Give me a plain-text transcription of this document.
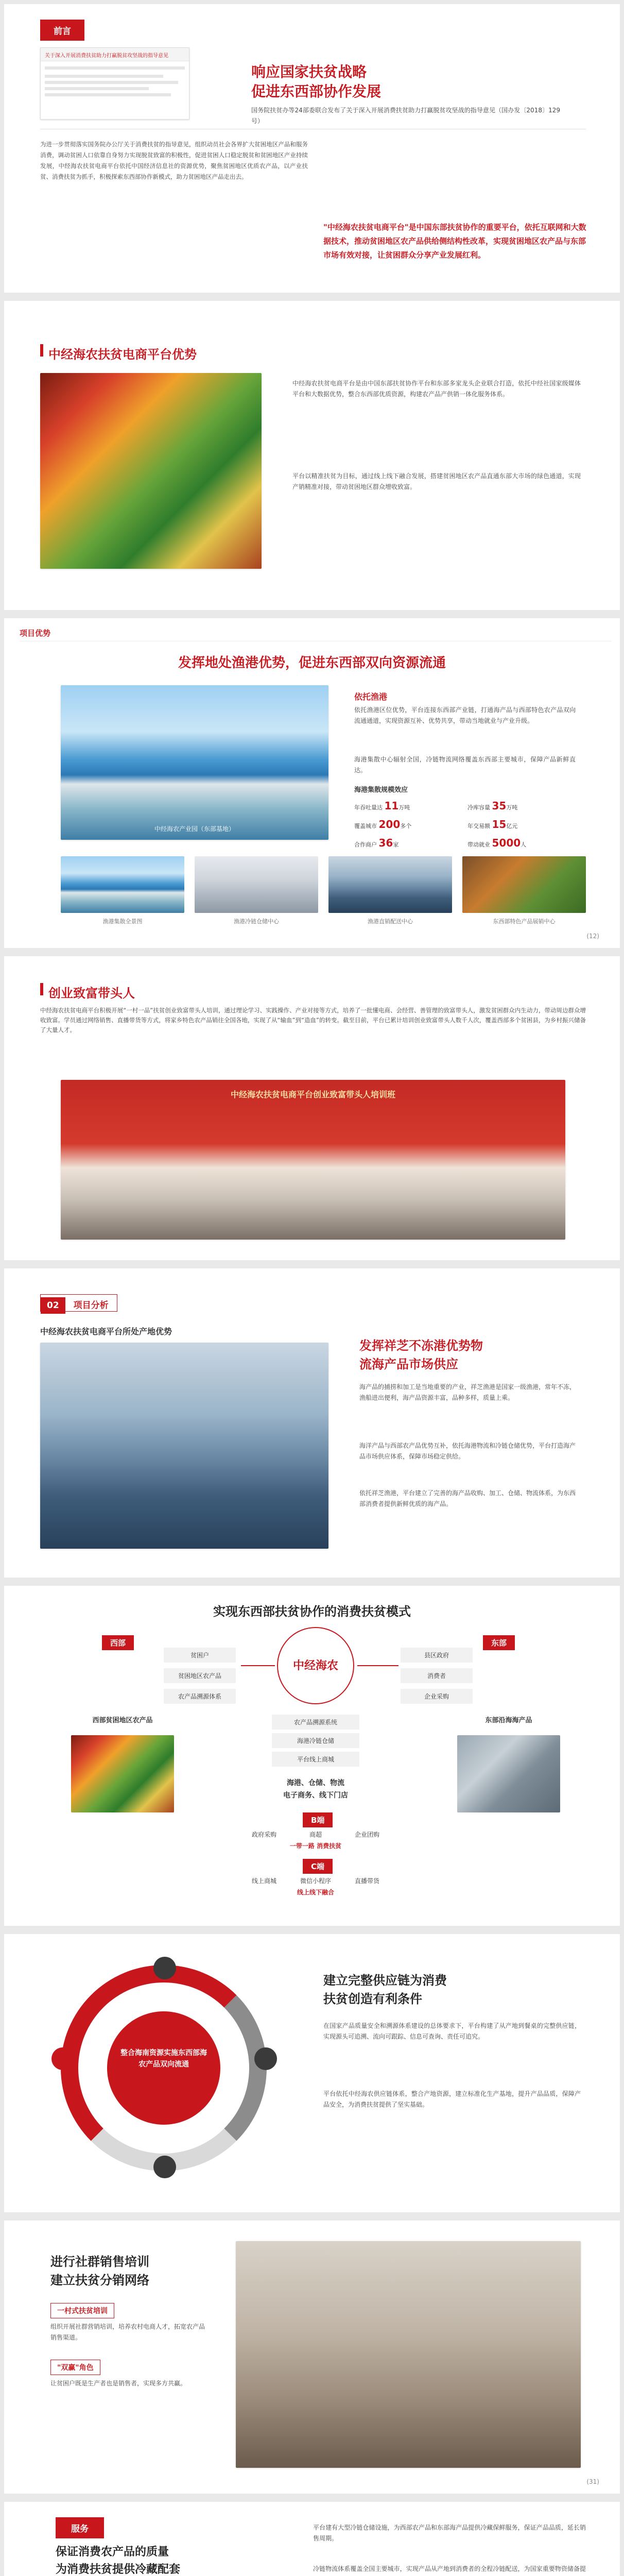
前言
关于深入开展消费扶贫助力打赢脱贫攻坚战的指导意见
响应国家扶贫战略
促进东西部协作发展
国务院扶贫办等24部委联合发布了关于深入开展消费扶贫助力打赢脱贫攻坚战的指导意见（国办发〔2018〕129号）
为进一步贯彻落实国务院办公厅关于消费扶贫的指导意见，组织动员社会各界扩大贫困地区产品和服务消费，调动贫困人口依靠自身努力实现脱贫致富的积极性，促进贫困人口稳定脱贫和贫困地区产业持续发展，中经海农扶贫电商平台依托中国经济信息社的资源优势，聚焦贫困地区优质农产品，以产业扶贫、消费扶贫为抓手，积极探索东西部协作新模式，助力贫困地区产品走出去。
"中经海农扶贫电商平台"是中国东部扶贫协作的重要平台，依托互联网和大数据技术，推动贫困地区农产品供给侧结构性改革，实现贫困地区农产品与东部市场有效对接，让贫困群众分享产业发展红利。
中经海农扶贫电商平台优势
中经海农扶贫电商平台是由中国东部扶贫协作平台和东部多家龙头企业联合打造，依托中经社国家级媒体平台和大数据优势，整合东西部优质资源，构建农产品产供销一体化服务体系。
平台以精准扶贫为目标，通过线上线下融合发展，搭建贫困地区农产品直通东部大市场的绿色通道，实现产销精准对接，带动贫困地区群众增收致富。
项目优势
发挥地处渔港优势，促进东西部双向资源流通
中经海农产业园（东部基地）
依托渔港
依托渔港区位优势，平台连接东西部产业链，打通海产品与西部特色农产品双向流通通道，实现资源互补、优势共享，带动当地就业与产业升级。
海港集散中心辐射全国，冷链物流网络覆盖东西部主要城市，保障产品新鲜直达。
海港集散规模效应
年吞吐量达 11万吨	冷库容量 35万吨
覆盖城市 200多个	年交易额 15亿元
合作商户 36家	带动就业 5000人
渔港集散全景图	渔港冷链仓储中心	渔港直销配送中心	东西部特色产品展销中心
(12)
创业致富带头人
中经海农扶贫电商平台积极开展“一村一品”扶贫创业致富带头人培训，通过理论学习、实践操作、产业对接等方式，培养了一批懂电商、会经营、善管理的致富带头人，激发贫困群众内生动力，带动周边群众增收致富。学员通过网络销售、直播带货等方式，将家乡特色农产品销往全国各地，实现了从“输血”到“造血”的转变。截至目前，平台已累计培训创业致富带头人数千人次，覆盖西部多个贫困县，为乡村振兴储备了大量人才。
中经海农扶贫电商平台创业致富带头人培训班
02 项目分析
中经海农扶贫电商平台所处产地优势
发挥祥芝不冻港优势物
流海产品市场供应
海产品的捕捞和加工是当地重要的产业，祥芝渔港是国家一级渔港，常年不冻，渔船进出便利，海产品资源丰富，品种多样，质量上乘。
海洋产品与西部农产品优势互补，依托海港物流和冷链仓储优势，平台打造海产品市场供应体系，保障市场稳定供给。
依托祥芝渔港，平台建立了完善的海产品收购、加工、仓储、物流体系，为东西部消费者提供新鲜优质的海产品。
实现东西部扶贫协作的消费扶贫模式
西部	东部
中经海农
贫困户
贫困地区农产品
农产品溯源体系
县区政府
消费者
企业采购
西部贫困地区农产品	东部沿海海产品
农产品溯源系统
海港冷链仓储
平台线上商城
海港、仓储、物流
电子商务、线下门店
B端
政府采购	商超	企业团购
一带一路 消费扶贫
C端
线上商城	微信小程序	直播带货
线上线下融合
整合海南资源实施东西部海农产品双向流通
建立完整供应链为消费
扶贫创造有利条件
在国家产品质量安全和溯源体系建设的总体要求下，平台构建了从产地到餐桌的完整供应链，实现源头可追溯、流向可跟踪、信息可查询、责任可追究。
平台依托中经海农供应链体系，整合产地资源，建立标准化生产基地，提升产品品质，保障产品安全，为消费扶贫提供了坚实基础。
进行社群销售培训
建立扶贫分销网络
一村式扶贫培训
组织开展社群营销培训，培养农村电商人才，拓宽农产品销售渠道。
"双赢"角色
让贫困户既是生产者也是销售者，实现多方共赢。
(31)
服务
保证消费农产品的质量
为消费扶贫提供冷藏配套
平台建有大型冷链仓储设施，为西部农产品和东部海产品提供冷藏保鲜服务，保证产品品质，延长销售周期。
冷链物流体系覆盖全国主要城市，实现产品从产地到消费者的全程冷链配送，为国家重要物资储备提
